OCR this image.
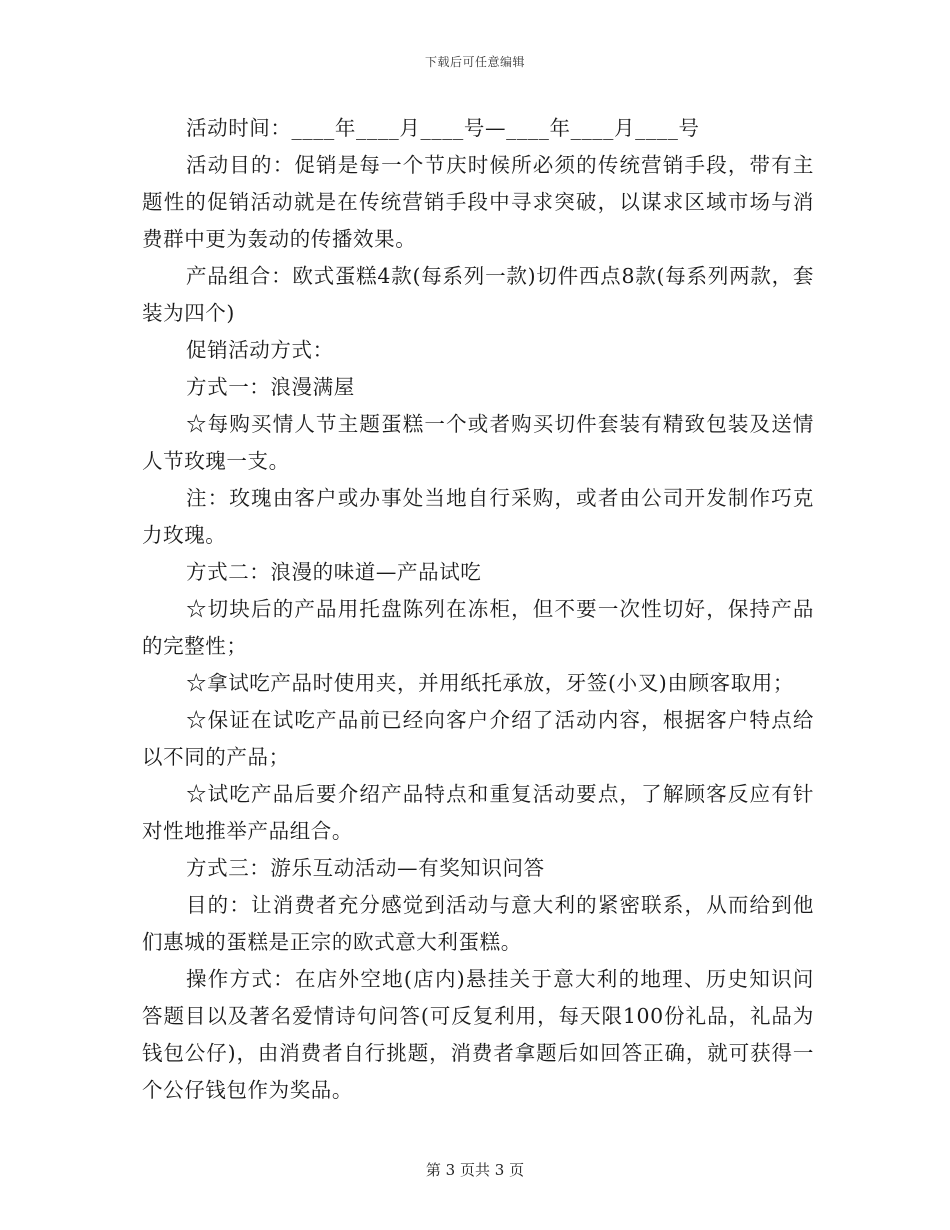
下载后可任意编辑

活动时间：____年____月____号—____年____月____号

活动目的：促销是每一个节庆时候所必须的传统营销手段，带有主题性的促销活动就是在传统营销手段中寻求突破，以谋求区域市场与消费群中更为轰动的传播效果。

产品组合：欧式蛋糕4款(每系列一款)切件西点8款(每系列两款，套装为四个)

促销活动方式：

方式一：浪漫满屋

☆每购买情人节主题蛋糕一个或者购买切件套装有精致包装及送情人节玫瑰一支。

注：玫瑰由客户或办事处当地自行采购，或者由公司开发制作巧克力玫瑰。

方式二：浪漫的味道—产品试吃

☆切块后的产品用托盘陈列在冻柜，但不要一次性切好，保持产品的完整性；

☆拿试吃产品时使用夹，并用纸托承放，牙签(小叉)由顾客取用；

☆保证在试吃产品前已经向客户介绍了活动内容，根据客户特点给以不同的产品；

☆试吃产品后要介绍产品特点和重复活动要点，了解顾客反应有针对性地推举产品组合。

方式三：游乐互动活动—有奖知识问答

目的：让消费者充分感觉到活动与意大利的紧密联系，从而给到他们惠城的蛋糕是正宗的欧式意大利蛋糕。

操作方式：在店外空地(店内)悬挂关于意大利的地理、历史知识问答题目以及著名爱情诗句问答(可反复利用，每天限100份礼品，礼品为钱包公仔)，由消费者自行挑题，消费者拿题后如回答正确，就可获得一个公仔钱包作为奖品。

第 3 页共 3 页
